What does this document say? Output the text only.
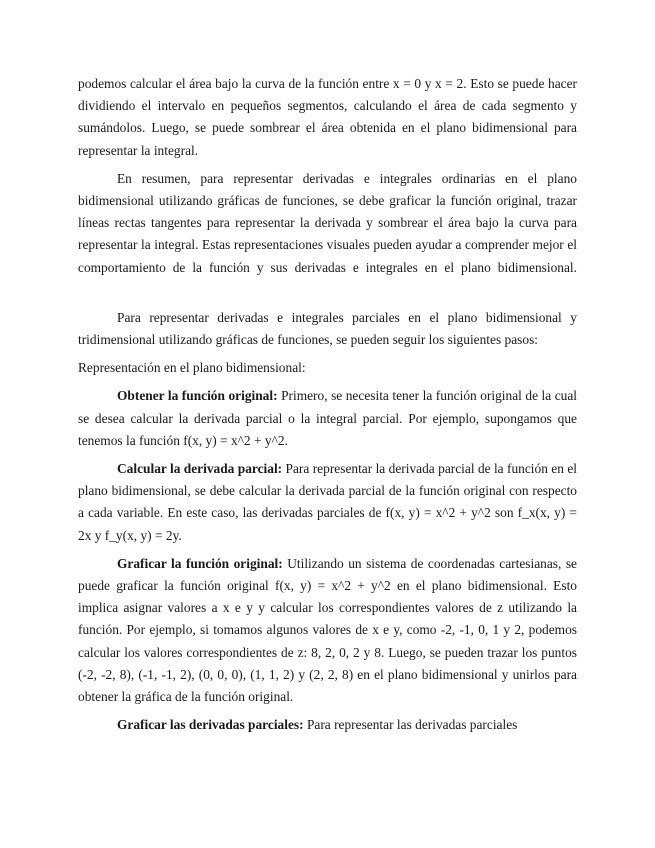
podemos calcular el área bajo la curva de la función entre x = 0 y x = 2. Esto se puede hacer dividiendo el intervalo en pequeños segmentos, calculando el área de cada segmento y sumándolos. Luego, se puede sombrear el área obtenida en el plano bidimensional para representar la integral.

En resumen, para representar derivadas e integrales ordinarias en el plano bidimensional utilizando gráficas de funciones, se debe graficar la función original, trazar líneas rectas tangentes para representar la derivada y sombrear el área bajo la curva para representar la integral. Estas representaciones visuales pueden ayudar a comprender mejor el comportamiento de la función y sus derivadas e integrales en el plano bidimensional.

Para representar derivadas e integrales parciales en el plano bidimensional y tridimensional utilizando gráficas de funciones, se pueden seguir los siguientes pasos:

Representación en el plano bidimensional:

Obtener la función original: Primero, se necesita tener la función original de la cual se desea calcular la derivada parcial o la integral parcial. Por ejemplo, supongamos que tenemos la función f(x, y) = x^2 + y^2.

Calcular la derivada parcial: Para representar la derivada parcial de la función en el plano bidimensional, se debe calcular la derivada parcial de la función original con respecto a cada variable. En este caso, las derivadas parciales de f(x, y) = x^2 + y^2 son f_x(x, y) = 2x y f_y(x, y) = 2y.

Graficar la función original: Utilizando un sistema de coordenadas cartesianas, se puede graficar la función original f(x, y) = x^2 + y^2 en el plano bidimensional. Esto implica asignar valores a x e y y calcular los correspondientes valores de z utilizando la función. Por ejemplo, si tomamos algunos valores de x e y, como -2, -1, 0, 1 y 2, podemos calcular los valores correspondientes de z: 8, 2, 0, 2 y 8. Luego, se pueden trazar los puntos (-2, -2, 8), (-1, -1, 2), (0, 0, 0), (1, 1, 2) y (2, 2, 8) en el plano bidimensional y unirlos para obtener la gráfica de la función original.

Graficar las derivadas parciales: Para representar las derivadas parciales
